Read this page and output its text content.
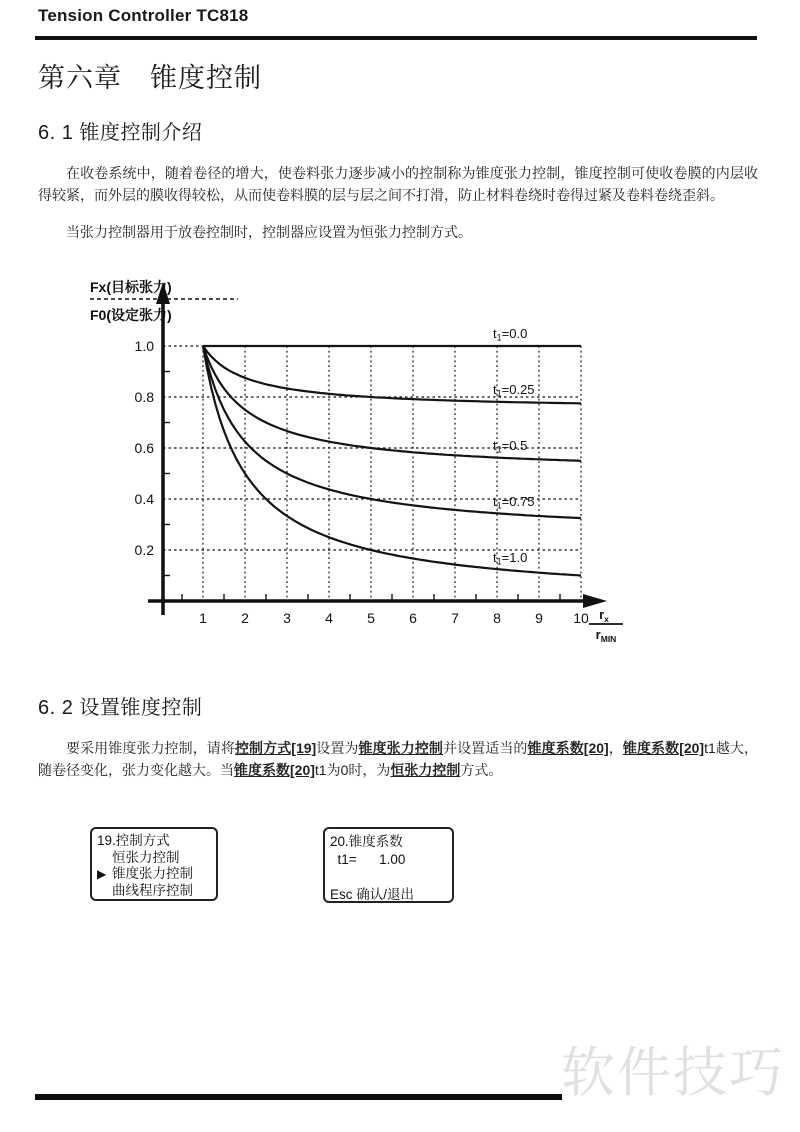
Tension Controller TC818
第六章　锥度控制
6. 1 锥度控制介绍
在收卷系统中，随着卷径的增大，使卷料张力逐步减小的控制称为锥度张力控制，锥度控制可使收卷膜的内层收得较紧，而外层的膜收得较松，从而使卷料膜的层与层之间不打滑，防止材料卷绕时卷得过紧及卷料卷绕歪斜。
当张力控制器用于放卷控制时，控制器应设置为恒张力控制方式。
t1=0.0
t1=0.25
t1=0.5
t1=0.75
t1=1.0
1.0
0.8
0.6
0.4
0.2
1 2 3 4 5 6 7 8 9 10
Fx(目标张力)
F0(设定张力)
$r_x$
$r_{MIN}$
6. 2 设置锥度控制
要采用锥度张力控制，请将控制方式[19]设置为锥度张力控制并设置适当的锥度系数[20]，锥度系数[20]t1越大，随卷径变化，张力变化越大。当锥度系数[20]t1为0时，为恒张力控制方式。
19.控制方式
恒张力控制
▶ 锥度张力控制
曲线程序控制
20.锥度系数
t1=      1.00
Esc 确认/退出
软件技巧
